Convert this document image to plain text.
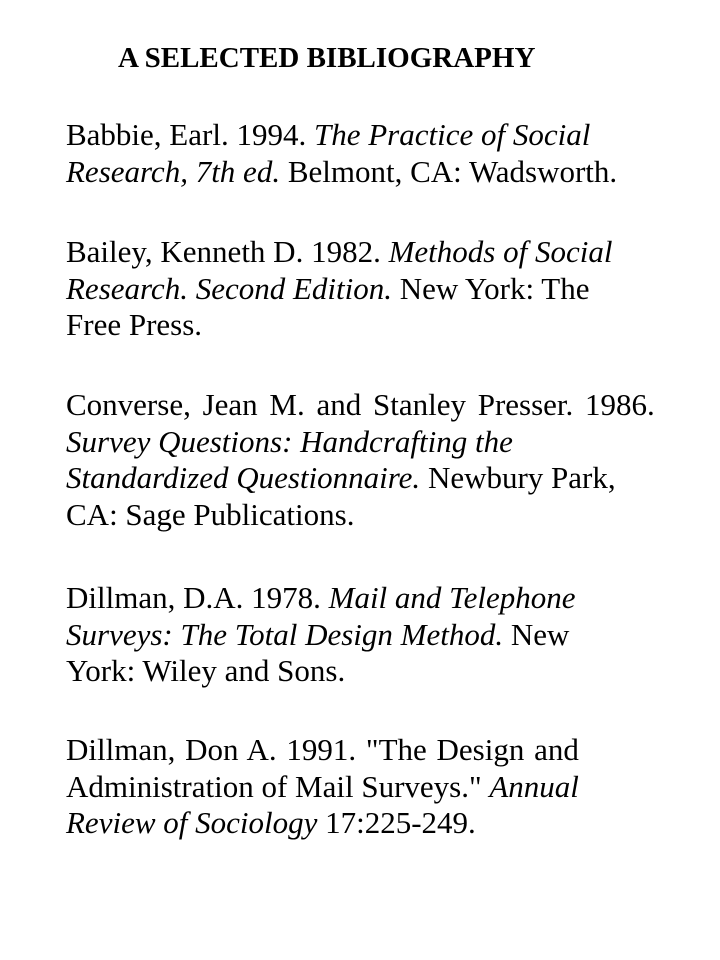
A SELECTED BIBLIOGRAPHY

Babbie, Earl. 1994. The Practice of Social
Research, 7th ed. Belmont, CA: Wadsworth.

Bailey, Kenneth D. 1982. Methods of Social
Research. Second Edition. New York: The
Free Press.

Converse, Jean M. and Stanley Presser. 1986.
Survey Questions: Handcrafting the
Standardized Questionnaire. Newbury Park,
CA: Sage Publications.

Dillman, D.A. 1978. Mail and Telephone
Surveys: The Total Design Method. New
York: Wiley and Sons.

Dillman, Don A. 1991. "The Design and
Administration of Mail Surveys." Annual
Review of Sociology 17:225-249.
